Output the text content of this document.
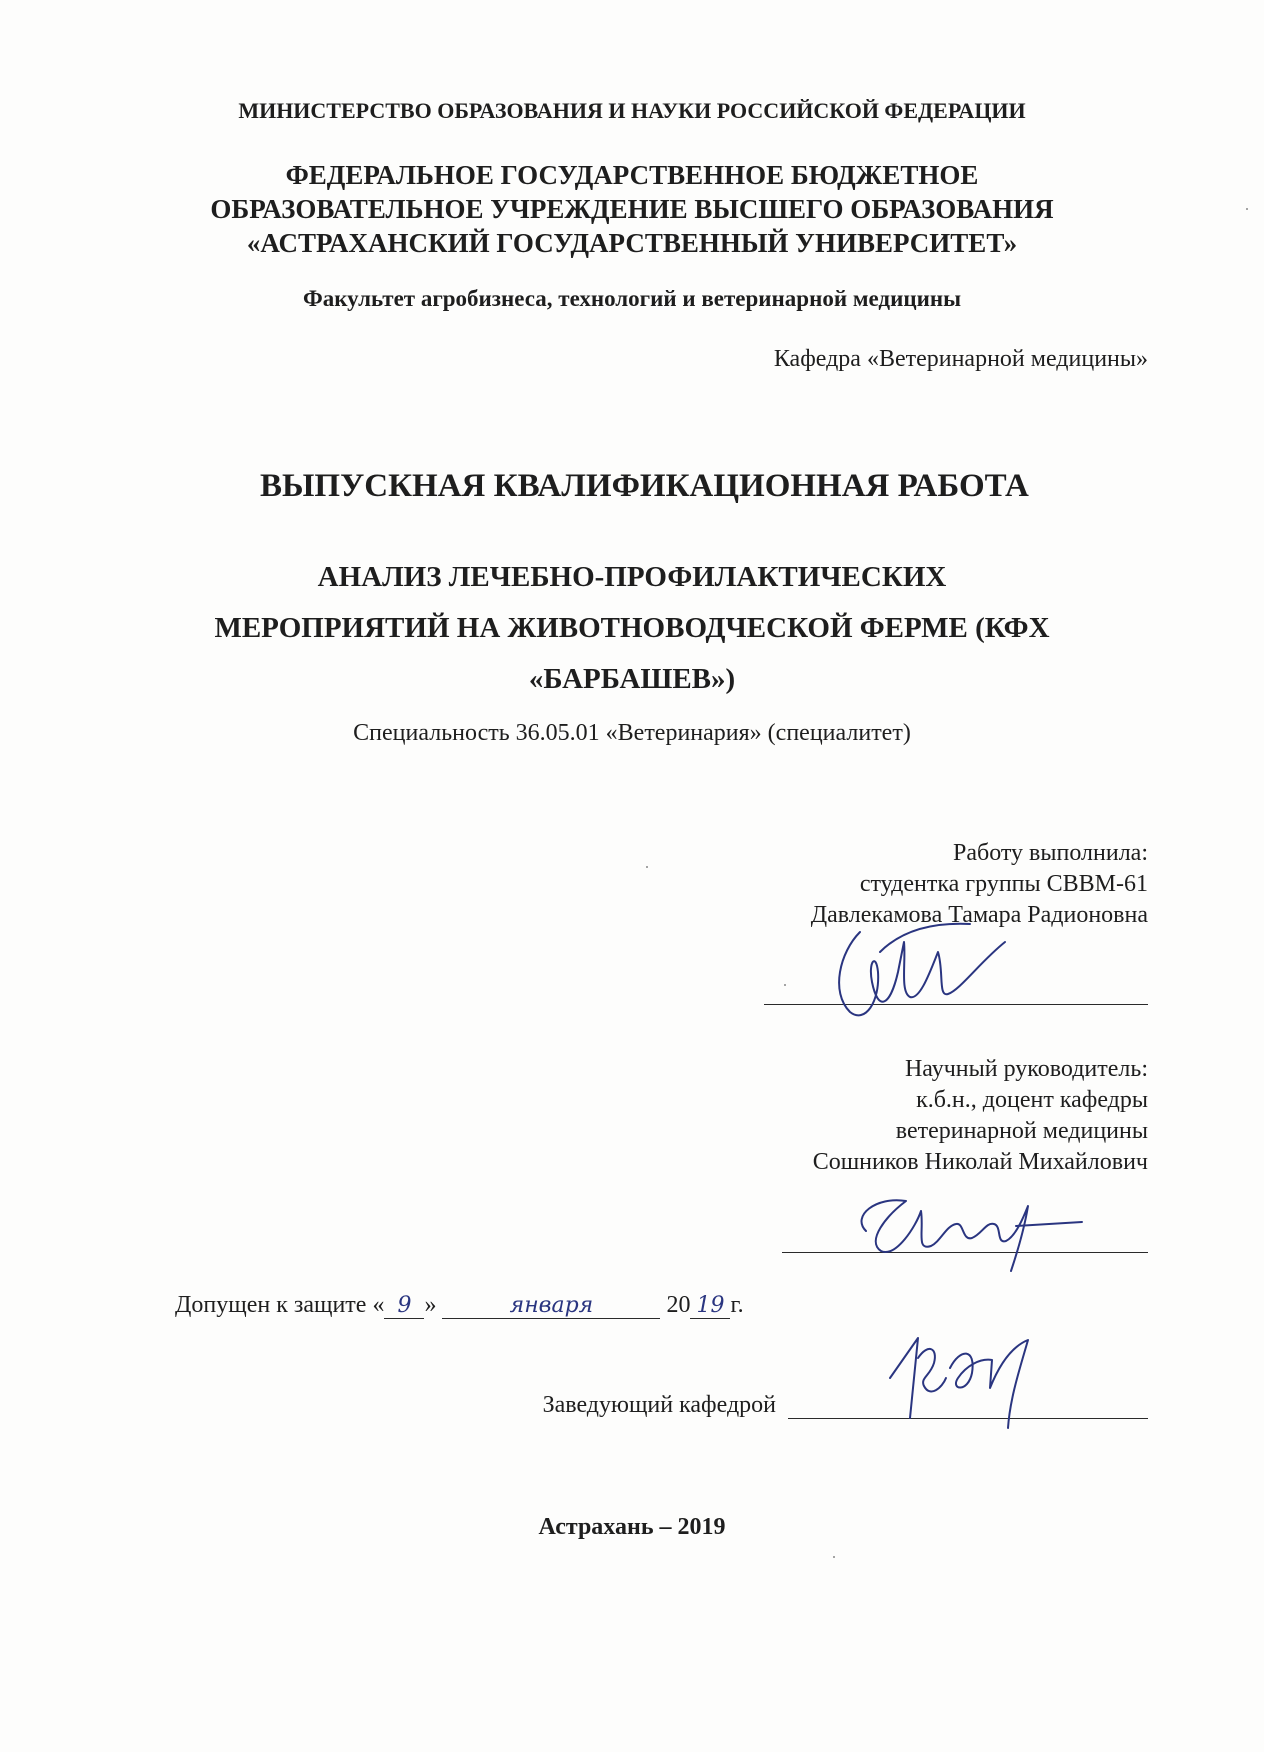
МИНИСТЕРСТВО ОБРАЗОВАНИЯ И НАУКИ РОССИЙСКОЙ ФЕДЕРАЦИИ
ФЕДЕРАЛЬНОЕ ГОСУДАРСТВЕННОЕ БЮДЖЕТНОЕ
ОБРАЗОВАТЕЛЬНОЕ УЧРЕЖДЕНИЕ ВЫСШЕГО ОБРАЗОВАНИЯ
«АСТРАХАНСКИЙ ГОСУДАРСТВЕННЫЙ УНИВЕРСИТЕТ»
Факультет агробизнеса, технологий и ветеринарной медицины
Кафедра «Ветеринарной медицины»
ВЫПУСКНАЯ КВАЛИФИКАЦИОННАЯ РАБОТА
АНАЛИЗ ЛЕЧЕБНО-ПРОФИЛАКТИЧЕСКИХ
МЕРОПРИЯТИЙ НА ЖИВОТНОВОДЧЕСКОЙ ФЕРМЕ (КФХ
«БАРБАШЕВ»)
Специальность 36.05.01 «Ветеринария» (специалитет)
Работу выполнила:
студентка группы СВВМ-61
Давлекамова Тамара Радионовна
Научный руководитель:
к.б.н., доцент кафедры
ветеринарной медицины
Сошников Николай Михайлович
Допущен к защите « 9 »	января	20 19 г.
Заведующий кафедрой
Астрахань – 2019
